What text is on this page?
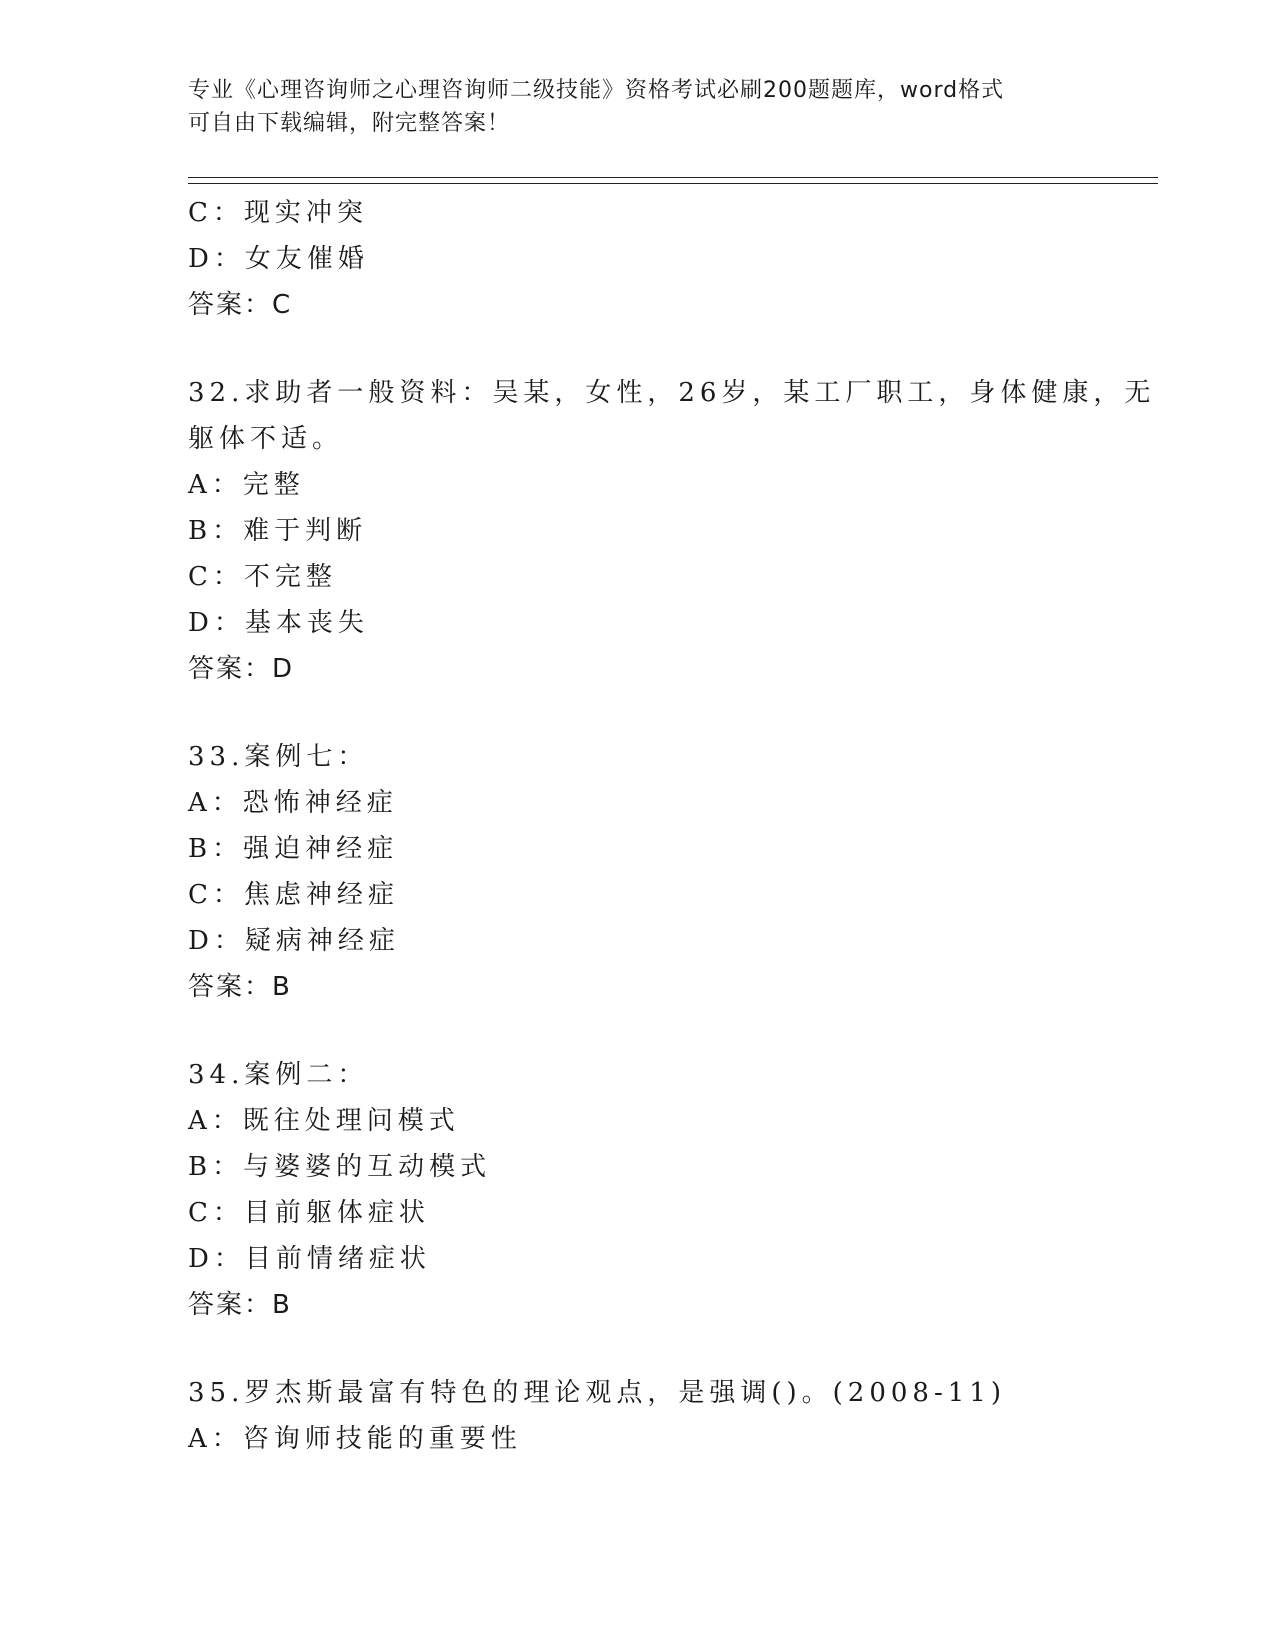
专业《心理咨询师之心理咨询师二级技能》资格考试必刷200题题库，word格式
可自由下载编辑，附完整答案！
C：现实冲突
D：女友催婚
答案：C
32.求助者一般资料：吴某，女性，26岁，某工厂职工，身体健康，无
躯体不适。
A：完整
B：难于判断
C：不完整
D：基本丧失
答案：D
33.案例七：
A：恐怖神经症
B：强迫神经症
C：焦虑神经症
D：疑病神经症
答案：B
34.案例二：
A：既往处理问模式
B：与婆婆的互动模式
C：目前躯体症状
D：目前情绪症状
答案：B
35.罗杰斯最富有特色的理论观点，是强调()。(2008-11)
A：咨询师技能的重要性
